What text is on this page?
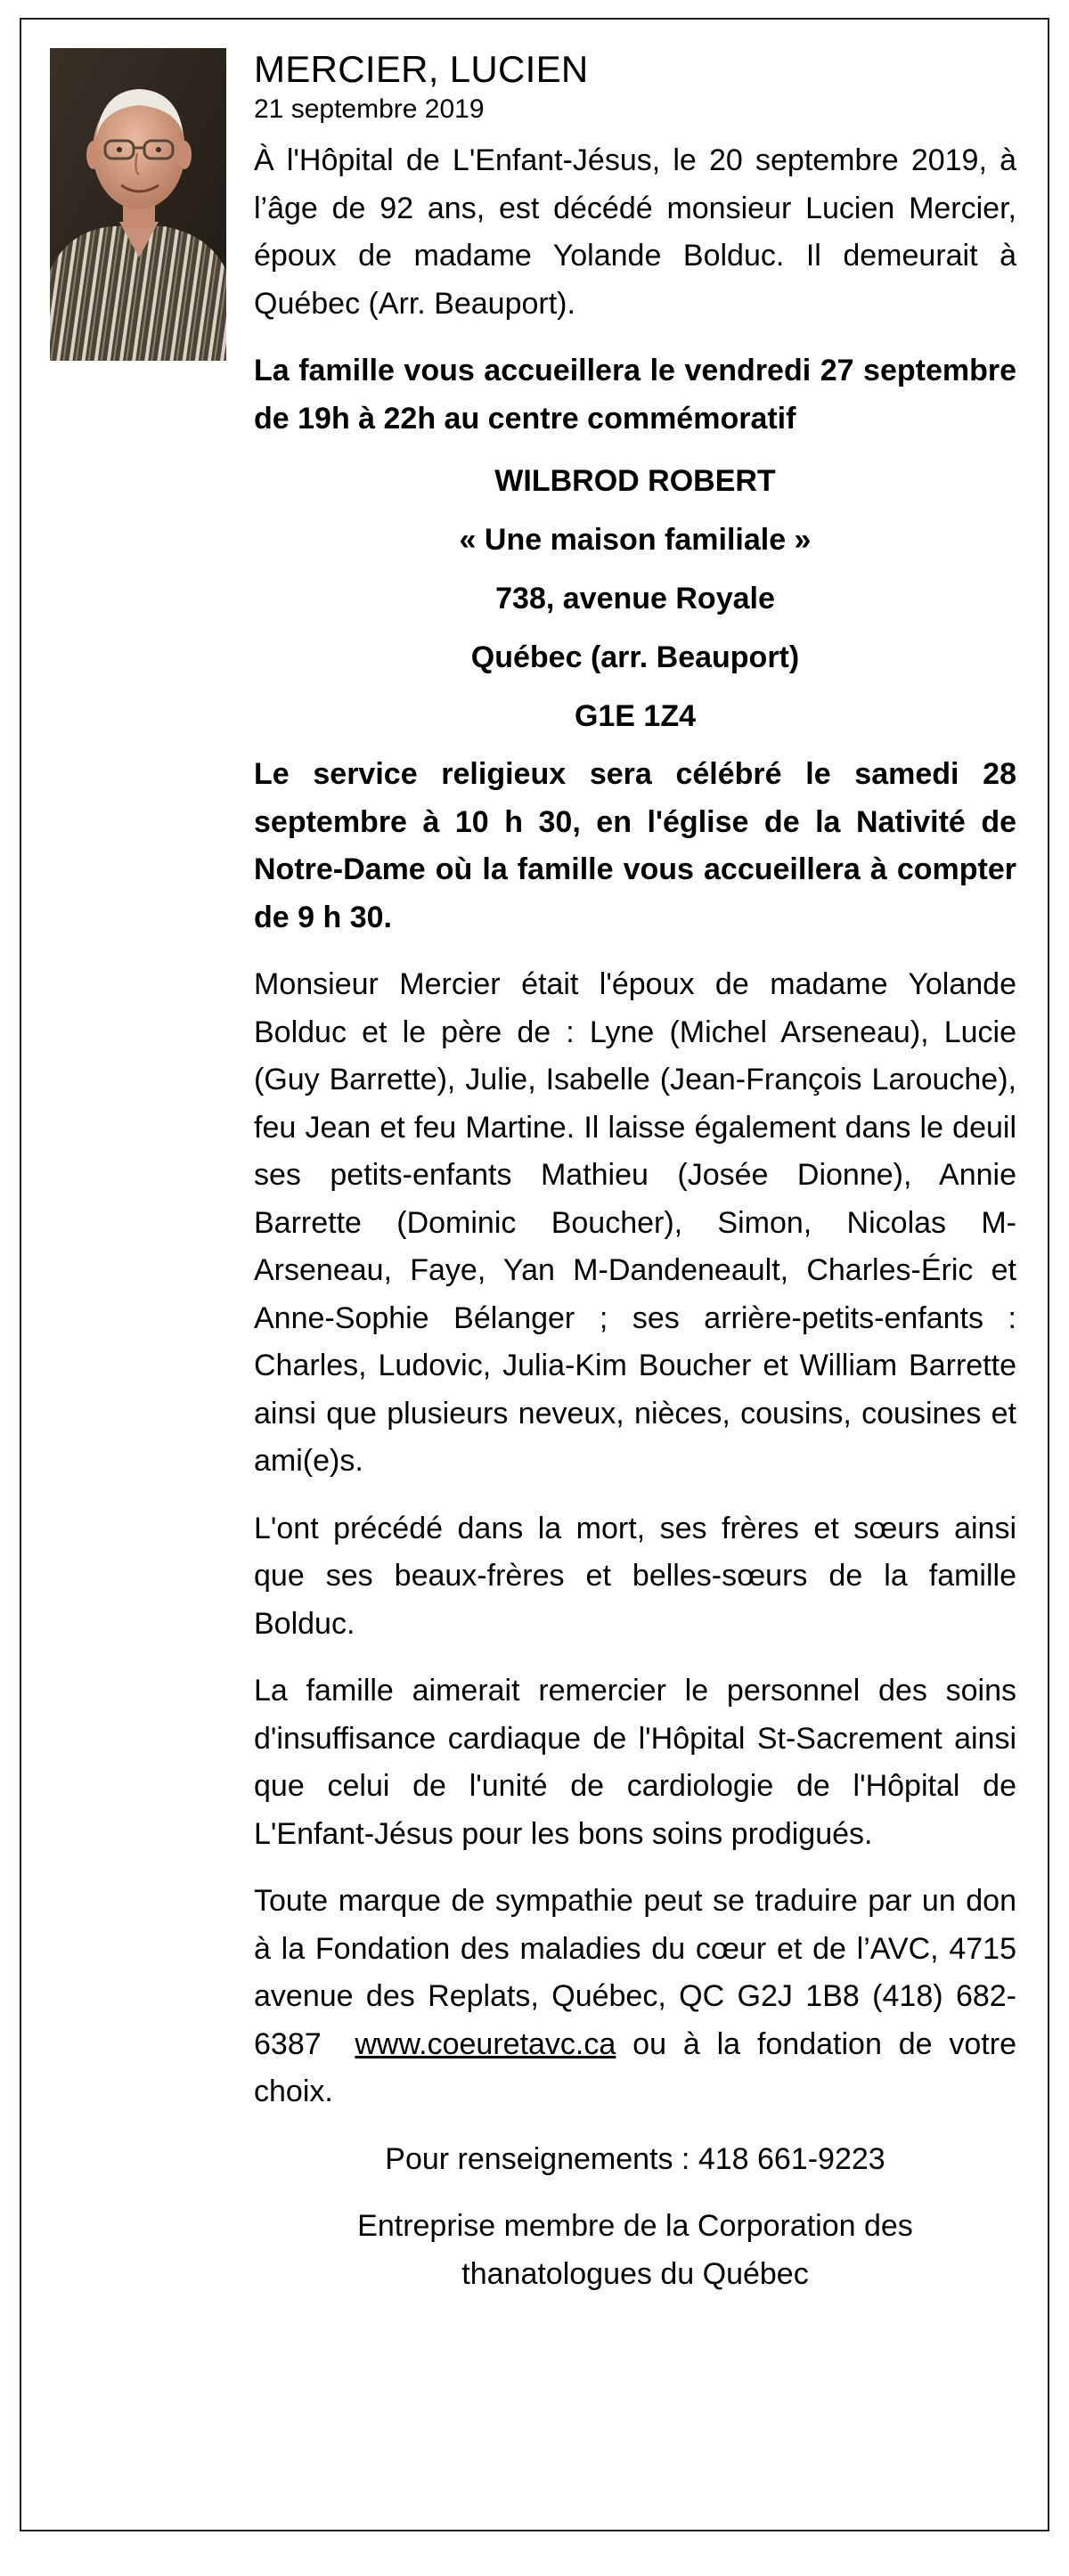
MERCIER, LUCIEN
21 septembre 2019

À l'Hôpital de L'Enfant-Jésus, le 20 septembre 2019, à l’âge de 92 ans, est décédé monsieur Lucien Mercier, époux de madame Yolande Bolduc. Il demeurait à Québec (Arr. Beauport).

La famille vous accueillera le vendredi 27 septembre de 19h à 22h au centre commémoratif

WILBROD ROBERT
« Une maison familiale »
738, avenue Royale
Québec (arr. Beauport)
G1E 1Z4

Le service religieux sera célébré le samedi 28 septembre à 10 h 30, en l'église de la Nativité de Notre-Dame où la famille vous accueillera à compter de 9 h 30.

Monsieur Mercier était l'époux de madame Yolande Bolduc et le père de : Lyne (Michel Arseneau), Lucie (Guy Barrette), Julie, Isabelle (Jean-François Larouche), feu Jean et feu Martine. Il laisse également dans le deuil ses petits-enfants Mathieu (Josée Dionne), Annie Barrette (Dominic Boucher), Simon, Nicolas M-Arseneau, Faye, Yan M-Dandeneault, Charles-Éric et Anne-Sophie Bélanger ; ses arrière-petits-enfants : Charles, Ludovic, Julia-Kim Boucher et William Barrette ainsi que plusieurs neveux, nièces, cousins, cousines et ami(e)s.

L'ont précédé dans la mort, ses frères et sœurs ainsi que ses beaux-frères et belles-sœurs de la famille Bolduc.

La famille aimerait remercier le personnel des soins d'insuffisance cardiaque de l'Hôpital St-Sacrement ainsi que celui de l'unité de cardiologie de l'Hôpital de L'Enfant-Jésus pour les bons soins prodigués.

Toute marque de sympathie peut se traduire par un don à la Fondation des maladies du cœur et de l’AVC, 4715 avenue des Replats, Québec, QC G2J 1B8 (418) 682-6387 www.coeuretavc.ca ou à la fondation de votre choix.

Pour renseignements : 418 661-9223

Entreprise membre de la Corporation des thanatologues du Québec
